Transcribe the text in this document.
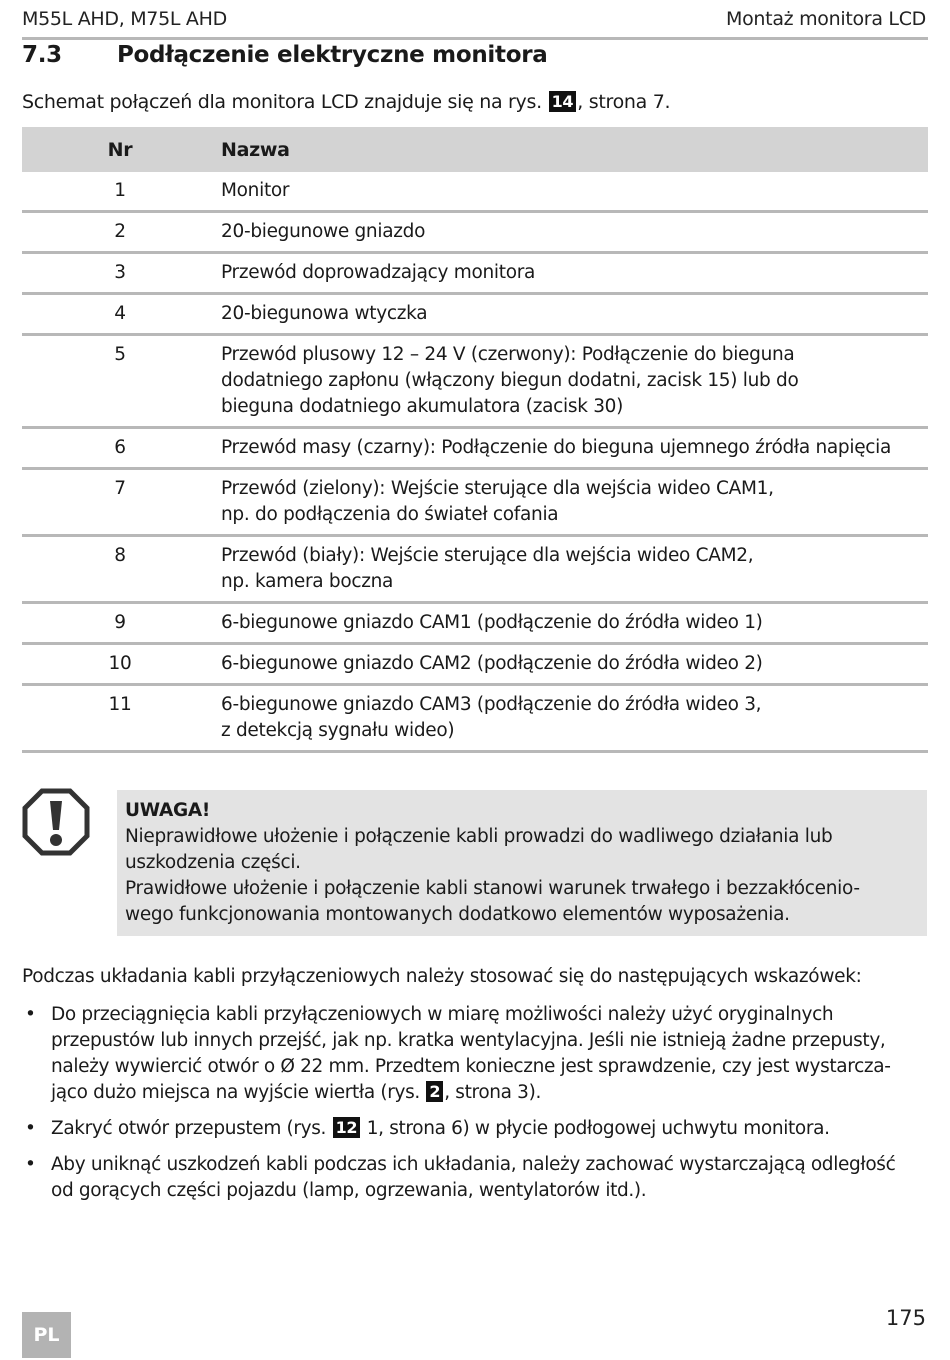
M55L AHD, M75L AHD	Montaż monitora LCD
7.3 Podłączenie elektryczne monitora
Schemat połączeń dla monitora LCD znajduje się na rys. 14 , strona 7.
Nr	Nazwa
1	Monitor

2	20-biegunowe gniazdo

3	Przewód doprowadzający monitora

4	20-biegunowa wtyczka

5	Przewód plusowy 12 – 24 V (czerwony): Podłączenie do bieguna
dodatniego zapłonu (włączony biegun dodatni, zacisk 15) lub do
bieguna dodatniego akumulatora (zacisk 30)

6	Przewód masy (czarny): Podłączenie do bieguna ujemnego źródła napięcia

7	Przewód (zielony): Wejście sterujące dla wejścia wideo CAM1,
np. do podłączenia do świateł cofania

8	Przewód (biały): Wejście sterujące dla wejścia wideo CAM2,
np. kamera boczna

9	6-biegunowe gniazdo CAM1 (podłączenie do źródła wideo 1)

10	6-biegunowe gniazdo CAM2 (podłączenie do źródła wideo 2)

11	6-biegunowe gniazdo CAM3 (podłączenie do źródła wideo 3,
z detekcją sygnału wideo)
UWAGA!
Nieprawidłowe ułożenie i połączenie kabli prowadzi do wadliwego działania lub
uszkodzenia części.
Prawidłowe ułożenie i połączenie kabli stanowi warunek trwałego i bezzakłócenio-
wego funkcjonowania montowanych dodatkowo elementów wyposażenia.
Podczas układania kabli przyłączeniowych należy stosować się do następujących wskazówek:
• Do przeciągnięcia kabli przyłączeniowych w miarę możliwości należy użyć oryginalnych
przepustów lub innych przejść, jak np. kratka wentylacyjna. Jeśli nie istnieją żadne przepusty,
należy wywiercić otwór o Ø 22 mm. Przedtem konieczne jest sprawdzenie, czy jest wystarcza-
jąco dużo miejsca na wyjście wiertła (rys. 2 , strona 3).
• Zakryć otwór przepustem (rys. 12 1, strona 6) w płycie podłogowej uchwytu monitora.
• Aby uniknąć uszkodzeń kabli podczas ich układania, należy zachować wystarczającą odległość
od gorących części pojazdu (lamp, ogrzewania, wentylatorów itd.).
PL
175
